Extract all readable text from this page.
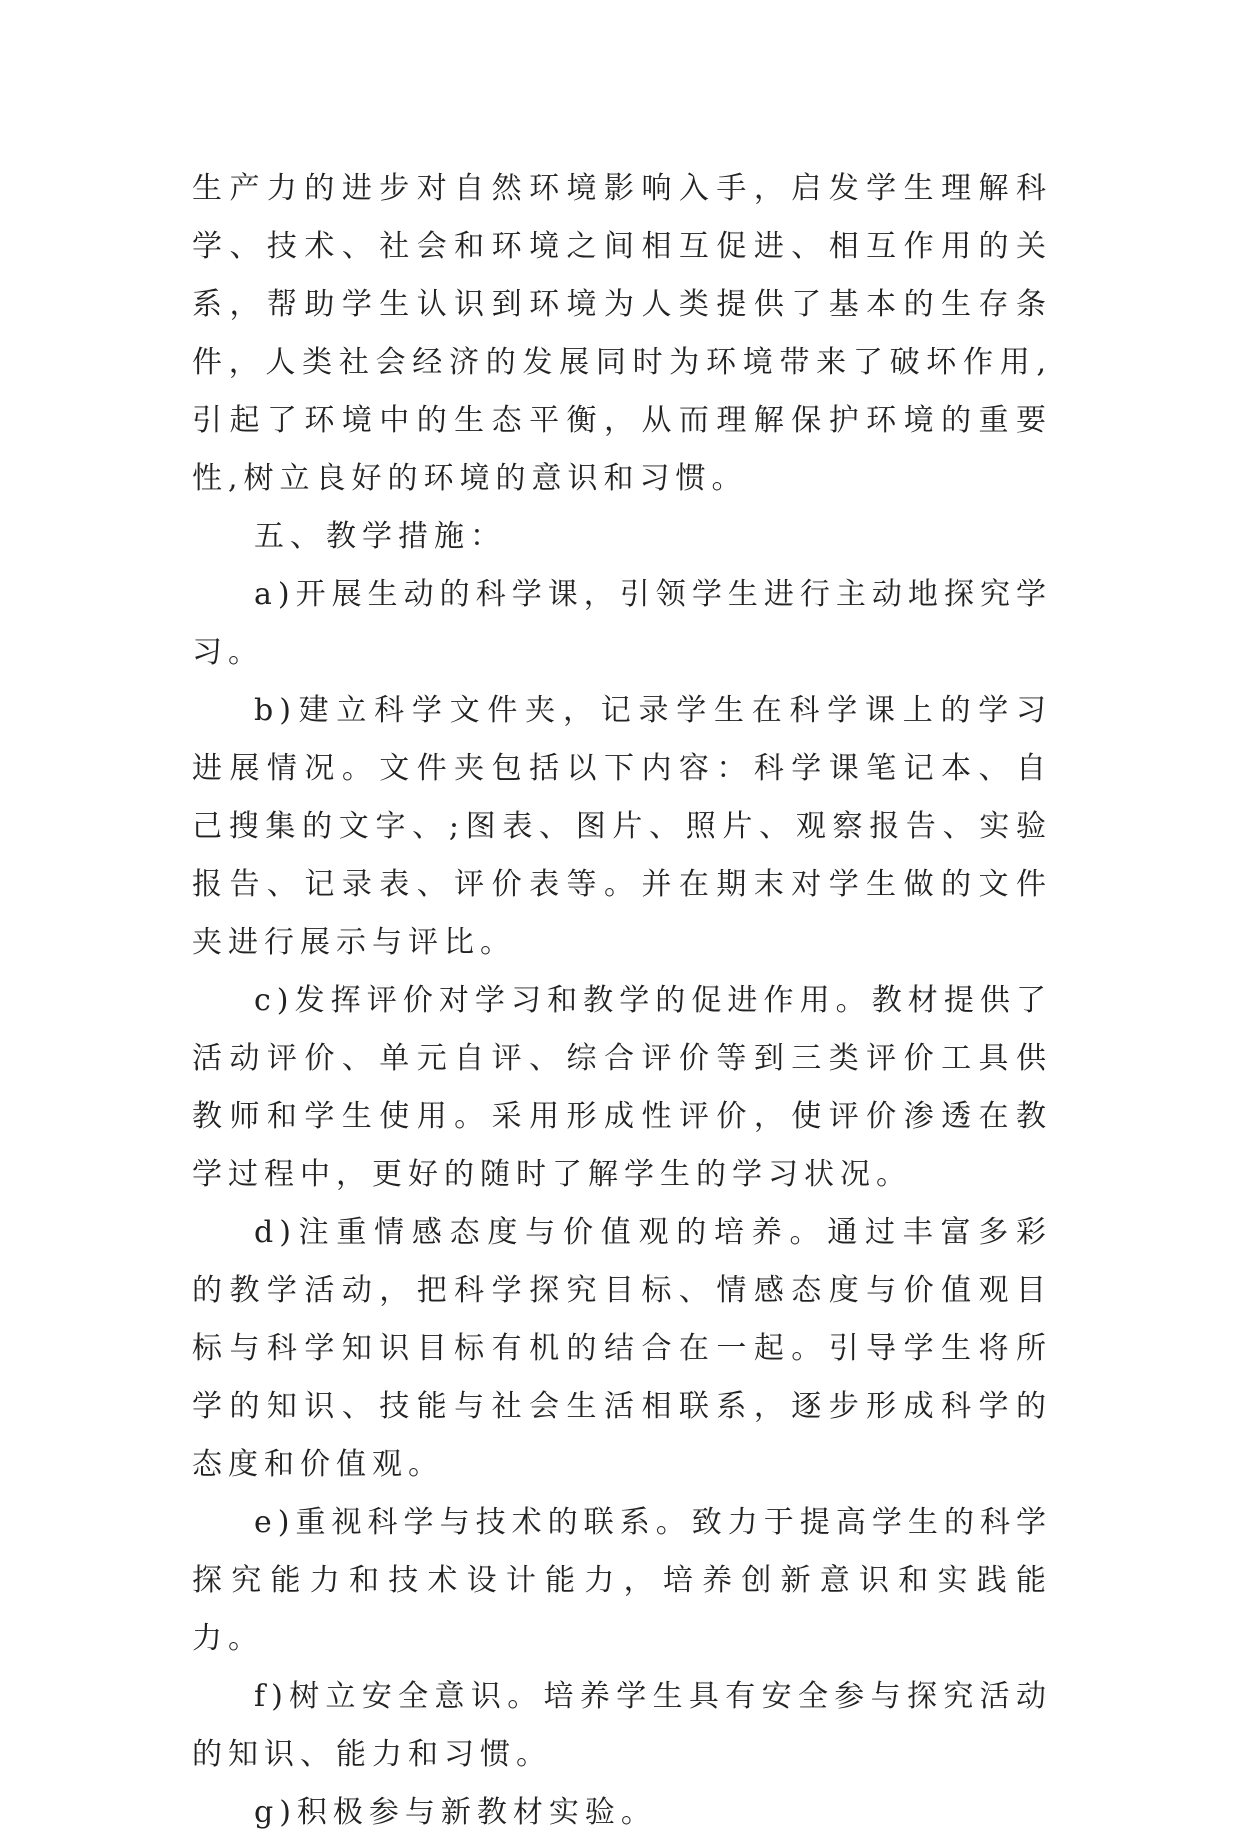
生产力的进步对自然环境影响入手，启发学生理解科学、技术、社会和环境之间相互促进、相互作用的关系，帮助学生认识到环境为人类提供了基本的生存条件，人类社会经济的发展同时为环境带来了破坏作用,引起了环境中的生态平衡，从而理解保护环境的重要性,树立良好的环境的意识和习惯。

五、教学措施：

a)开展生动的科学课，引领学生进行主动地探究学习。

b)建立科学文件夹，记录学生在科学课上的学习进展情况。文件夹包括以下内容：科学课笔记本、自己搜集的文字、;图表、图片、照片、观察报告、实验报告、记录表、评价表等。并在期末对学生做的文件夹进行展示与评比。

c)发挥评价对学习和教学的促进作用。教材提供了活动评价、单元自评、综合评价等到三类评价工具供教师和学生使用。采用形成性评价，使评价渗透在教学过程中，更好的随时了解学生的学习状况。

d)注重情感态度与价值观的培养。通过丰富多彩的教学活动，把科学探究目标、情感态度与价值观目标与科学知识目标有机的结合在一起。引导学生将所学的知识、技能与社会生活相联系，逐步形成科学的态度和价值观。

e)重视科学与技术的联系。致力于提高学生的科学探究能力和技术设计能力，培养创新意识和实践能力。

f)树立安全意识。培养学生具有安全参与探究活动的知识、能力和习惯。

g)积极参与新教材实验。
